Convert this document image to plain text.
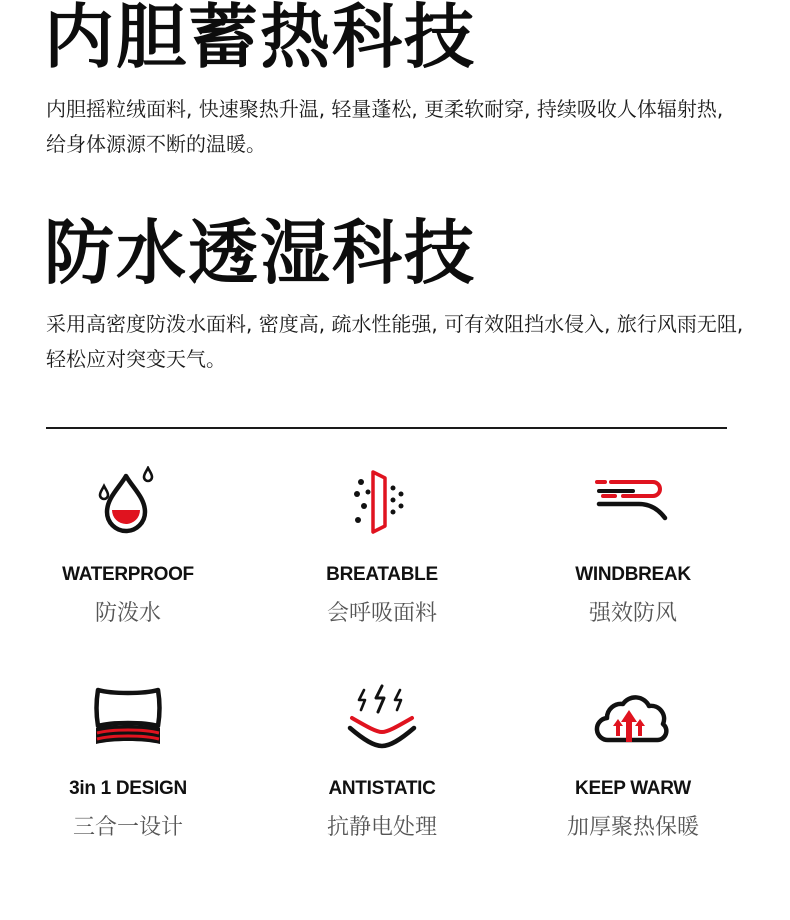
内胆蓄热科技

内胆摇粒绒面料, 快速聚热升温, 轻量蓬松, 更柔软耐穿, 持续吸收人体辐射热, 给身体源源不断的温暖。

防水透湿科技

采用高密度防泼水面料, 密度高, 疏水性能强, 可有效阻挡水侵入, 旅行风雨无阻, 轻松应对突变天气。

WATERPROOF
防泼水
BREATABLE
会呼吸面料
WINDBREAK
强效防风
3in 1 DESIGN
三合一设计
ANTISTATIC
抗静电处理
KEEP WARW
加厚聚热保暖
